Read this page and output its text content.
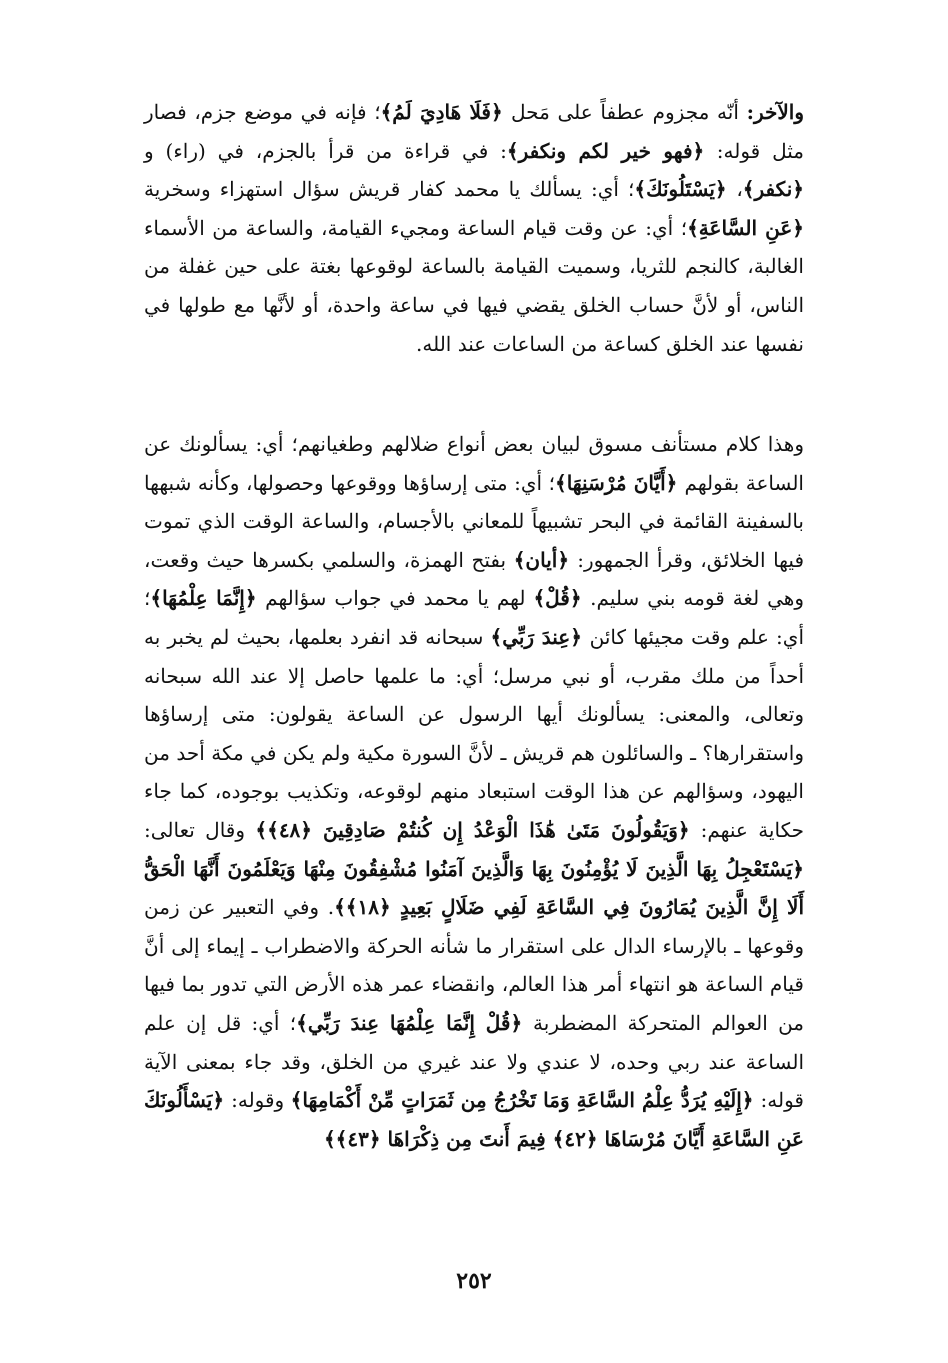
والآخر: أنّه مجزوم عطفاً على مَحل ﴿فَلَا هَادِيَ لَمُ﴾؛ فإنه في موضع جزم، فصار مثل قوله: ﴿فهو خير لكم ونكفر﴾: في قراءة من قرأ بالجزم، في (راء) و ﴿نكفر﴾، ﴿يَسْتَلُونَكَ﴾؛ أي: يسألك يا محمد كفار قريش سؤال استهزاء وسخرية ﴿عَنِ السَّاعَةِ﴾؛ أي: عن وقت قيام الساعة ومجيء القيامة، والساعة من الأسماء الغالبة، كالنجم للثريا، وسميت القيامة بالساعة لوقوعها بغتة على حين غفلة من الناس، أو لأنَّ حساب الخلق يقضي فيها في ساعة واحدة، أو لأنَّها مع طولها في نفسها عند الخلق كساعة من الساعات عند الله.

وهذا كلام مستأنف مسوق لبيان بعض أنواع ضلالهم وطغيانهم؛ أي: يسألونك عن الساعة بقولهم ﴿أَيَّانَ مُرْسَنِهَا﴾؛ أي: متى إرساؤها ووقوعها وحصولها، وكأنه شبهها بالسفينة القائمة في البحر تشبيهاً للمعاني بالأجسام، والساعة الوقت الذي تموت فيها الخلائق، وقرأ الجمهور: ﴿أيان﴾ بفتح الهمزة، والسلمي بكسرها حيث وقعت، وهي لغة قومه بني سليم. ﴿قُلْ﴾ لهم يا محمد في جواب سؤالهم ﴿إِنَّمَا عِلْمُهَا﴾؛ أي: علم وقت مجيئها كائن ﴿عِندَ رَبِّي﴾ سبحانه قد انفرد بعلمها، بحيث لم يخبر به أحداً من ملك مقرب، أو نبي مرسل؛ أي: ما علمها حاصل إلا عند الله سبحانه وتعالى، والمعنى: يسألونك أيها الرسول عن الساعة يقولون: متى إرساؤها واستقرارها؟ ـ والسائلون هم قريش ـ لأنَّ السورة مكية ولم يكن في مكة أحد من اليهود، وسؤالهم عن هذا الوقت استبعاد منهم لوقوعه، وتكذيب بوجوده، كما جاء حكاية عنهم: ﴿وَيَقُولُونَ مَتَىٰ هَٰذَا الْوَعْدُ إِن كُنتُمْ صَادِقِينَ ﴿٤٨﴾﴾ وقال تعالى: ﴿يَسْتَعْجِلُ بِهَا الَّذِينَ لَا يُؤْمِنُونَ بِهَا وَالَّذِينَ آمَنُوا مُشْفِقُونَ مِنْهَا وَيَعْلَمُونَ أَنَّهَا الْحَقُّ أَلَا إِنَّ الَّذِينَ يُمَارُونَ فِي السَّاعَةِ لَفِي ضَلَالٍ بَعِيدٍ ﴿١٨﴾﴾. وفي التعبير عن زمن وقوعها ـ بالإرساء الدال على استقرار ما شأنه الحركة والاضطراب ـ إيماء إلى أنَّ قيام الساعة هو انتهاء أمر هذا العالم، وانقضاء عمر هذه الأرض التي تدور بما فيها من العوالم المتحركة المضطربة ﴿قُلْ إِنَّمَا عِلْمُهَا عِندَ رَبِّي﴾؛ أي: قل إن علم الساعة عند ربي وحده، لا عندي ولا عند غيري من الخلق، وقد جاء بمعنى الآية قوله: ﴿إِلَيْهِ يُرَدُّ عِلْمُ السَّاعَةِ وَمَا تَخْرُجُ مِن ثَمَرَاتٍ مِّنْ أَكْمَامِهَا﴾ وقوله: ﴿يَسْأَلُونَكَ عَنِ السَّاعَةِ أَيَّانَ مُرْسَاهَا ﴿٤٢﴾ فِيمَ أَنتَ مِن ذِكْرَاهَا ﴿٤٣﴾﴾

٢٥٢
